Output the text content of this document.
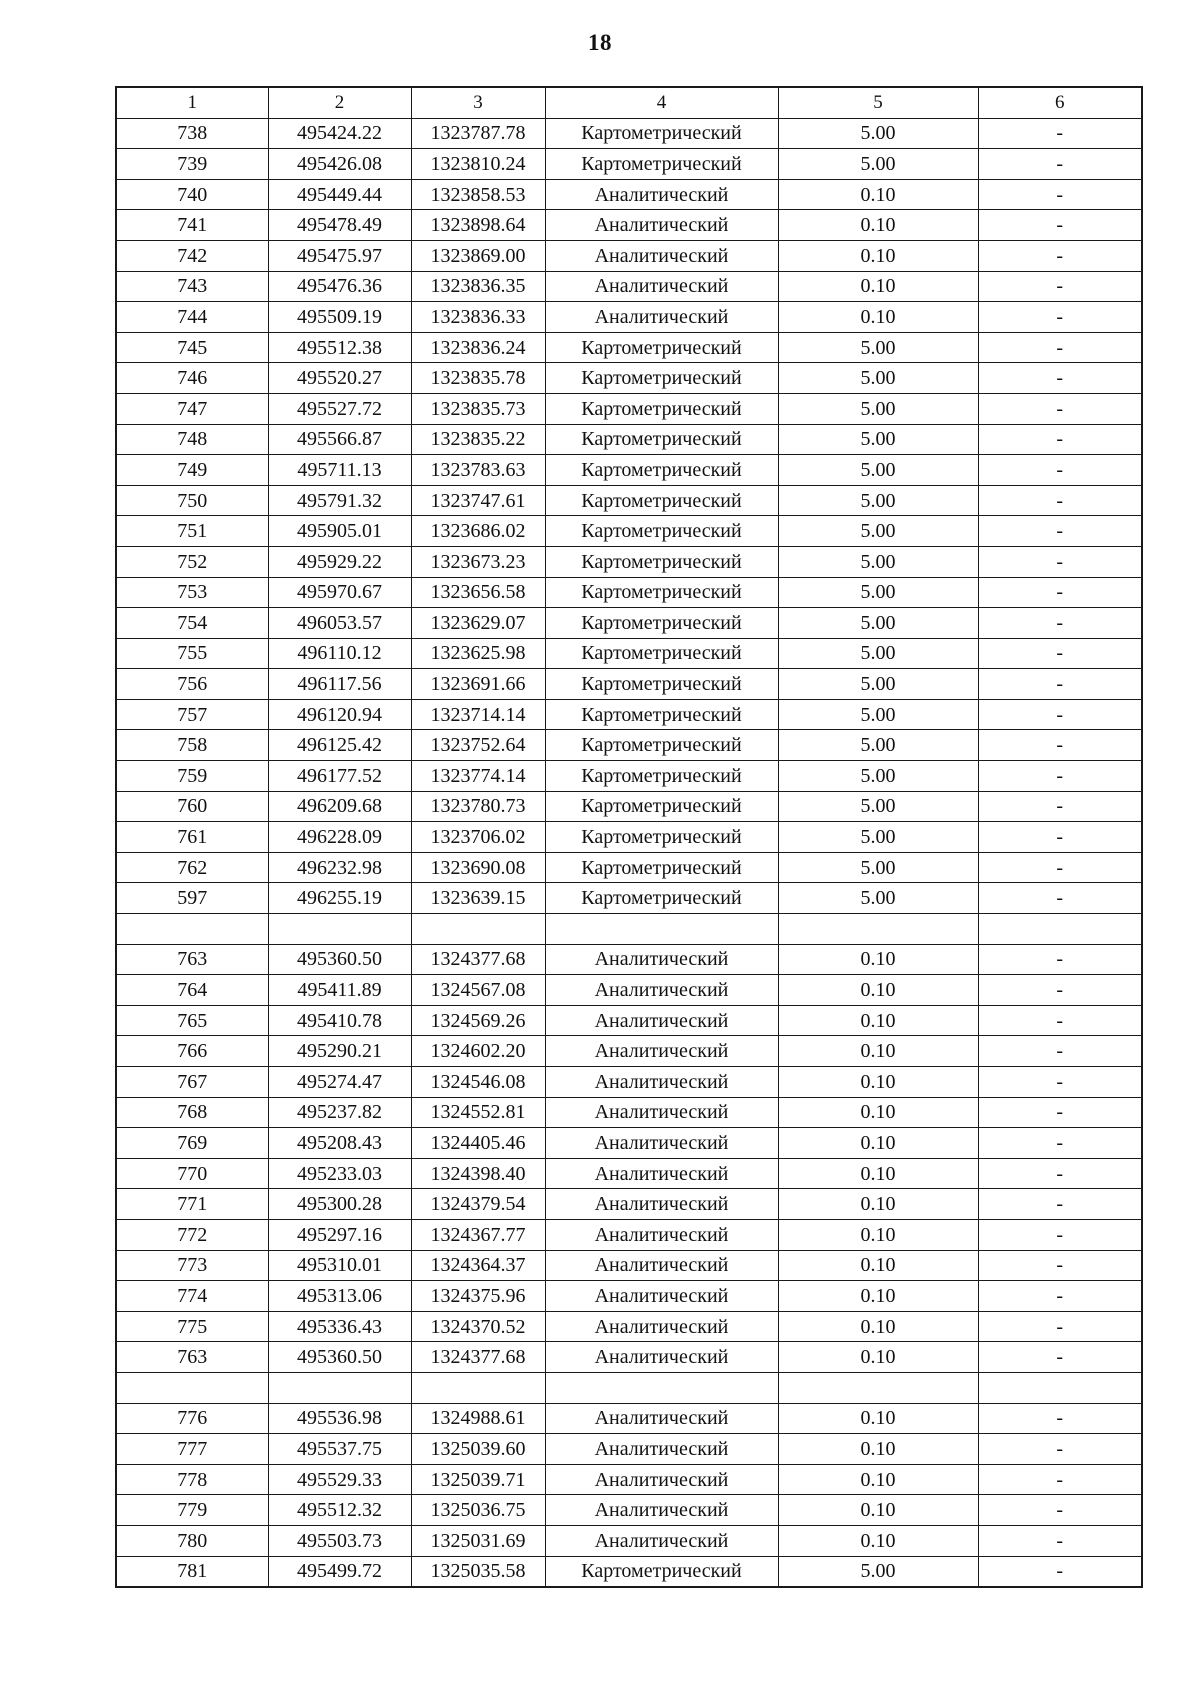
18
1	2	3	4	5	6
738	495424.22	1323787.78	Картометрический	5.00	-
739	495426.08	1323810.24	Картометрический	5.00	-
740	495449.44	1323858.53	Аналитический	0.10	-
741	495478.49	1323898.64	Аналитический	0.10	-
742	495475.97	1323869.00	Аналитический	0.10	-
743	495476.36	1323836.35	Аналитический	0.10	-
744	495509.19	1323836.33	Аналитический	0.10	-
745	495512.38	1323836.24	Картометрический	5.00	-
746	495520.27	1323835.78	Картометрический	5.00	-
747	495527.72	1323835.73	Картометрический	5.00	-
748	495566.87	1323835.22	Картометрический	5.00	-
749	495711.13	1323783.63	Картометрический	5.00	-
750	495791.32	1323747.61	Картометрический	5.00	-
751	495905.01	1323686.02	Картометрический	5.00	-
752	495929.22	1323673.23	Картометрический	5.00	-
753	495970.67	1323656.58	Картометрический	5.00	-
754	496053.57	1323629.07	Картометрический	5.00	-
755	496110.12	1323625.98	Картометрический	5.00	-
756	496117.56	1323691.66	Картометрический	5.00	-
757	496120.94	1323714.14	Картометрический	5.00	-
758	496125.42	1323752.64	Картометрический	5.00	-
759	496177.52	1323774.14	Картометрический	5.00	-
760	496209.68	1323780.73	Картометрический	5.00	-
761	496228.09	1323706.02	Картометрический	5.00	-
762	496232.98	1323690.08	Картометрический	5.00	-
597	496255.19	1323639.15	Картометрический	5.00	-

763	495360.50	1324377.68	Аналитический	0.10	-
764	495411.89	1324567.08	Аналитический	0.10	-
765	495410.78	1324569.26	Аналитический	0.10	-
766	495290.21	1324602.20	Аналитический	0.10	-
767	495274.47	1324546.08	Аналитический	0.10	-
768	495237.82	1324552.81	Аналитический	0.10	-
769	495208.43	1324405.46	Аналитический	0.10	-
770	495233.03	1324398.40	Аналитический	0.10	-
771	495300.28	1324379.54	Аналитический	0.10	-
772	495297.16	1324367.77	Аналитический	0.10	-
773	495310.01	1324364.37	Аналитический	0.10	-
774	495313.06	1324375.96	Аналитический	0.10	-
775	495336.43	1324370.52	Аналитический	0.10	-
763	495360.50	1324377.68	Аналитический	0.10	-

776	495536.98	1324988.61	Аналитический	0.10	-
777	495537.75	1325039.60	Аналитический	0.10	-
778	495529.33	1325039.71	Аналитический	0.10	-
779	495512.32	1325036.75	Аналитический	0.10	-
780	495503.73	1325031.69	Аналитический	0.10	-
781	495499.72	1325035.58	Картометрический	5.00	-
